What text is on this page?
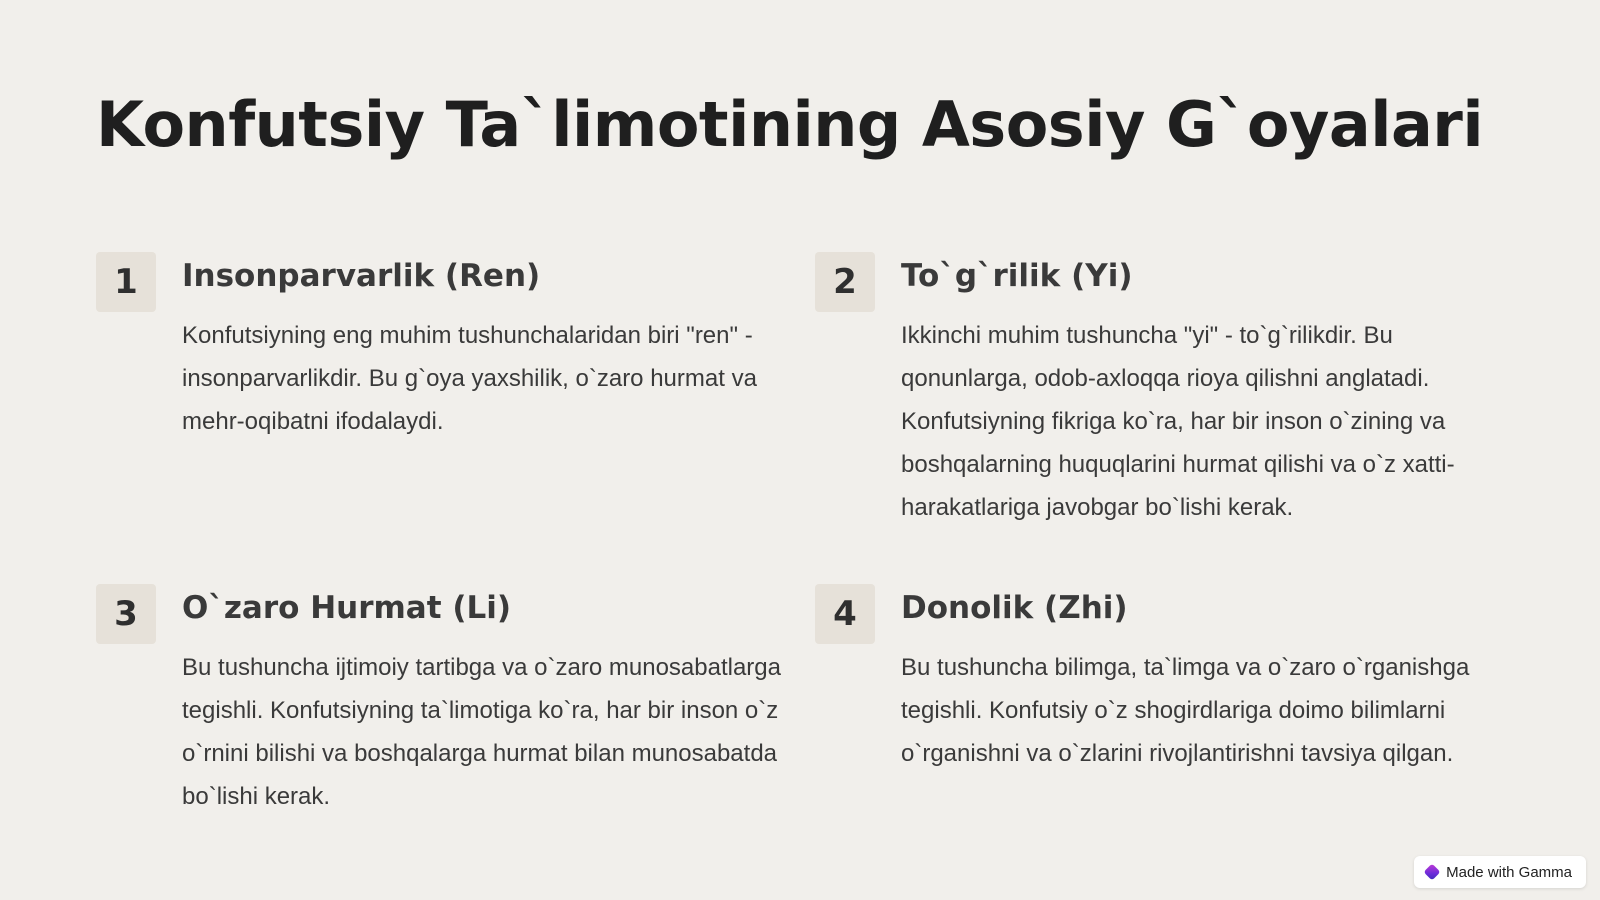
Konfutsiy Ta`limotining Asosiy G`oyalari
1	Insonparvarlik (Ren)

Konfutsiyning eng muhim tushunchalaridan biri "ren" - insonparvarlikdir. Bu g`oya yaxshilik, o`zaro hurmat va mehr-oqibatni ifodalaydi.

2	To`g`rilik (Yi)

Ikkinchi muhim tushuncha "yi" - to`g`rilikdir. Bu qonunlarga, odob-axloqqa rioya qilishni anglatadi. Konfutsiyning fikriga ko`ra, har bir inson o`zining va boshqalarning huquqlarini hurmat qilishi va o`z xatti-harakatlariga javobgar bo`lishi kerak.

3	O`zaro Hurmat (Li)

Bu tushuncha ijtimoiy tartibga va o`zaro munosabatlarga tegishli. Konfutsiyning ta`limotiga ko`ra, har bir inson o`z o`rnini bilishi va boshqalarga hurmat bilan munosabatda bo`lishi kerak.

4	Donolik (Zhi)

Bu tushuncha bilimga, ta`limga va o`zaro o`rganishga tegishli. Konfutsiy o`z shogirdlariga doimo bilimlarni o`rganishni va o`zlarini rivojlantirishni tavsiya qilgan.

Made with Gamma
